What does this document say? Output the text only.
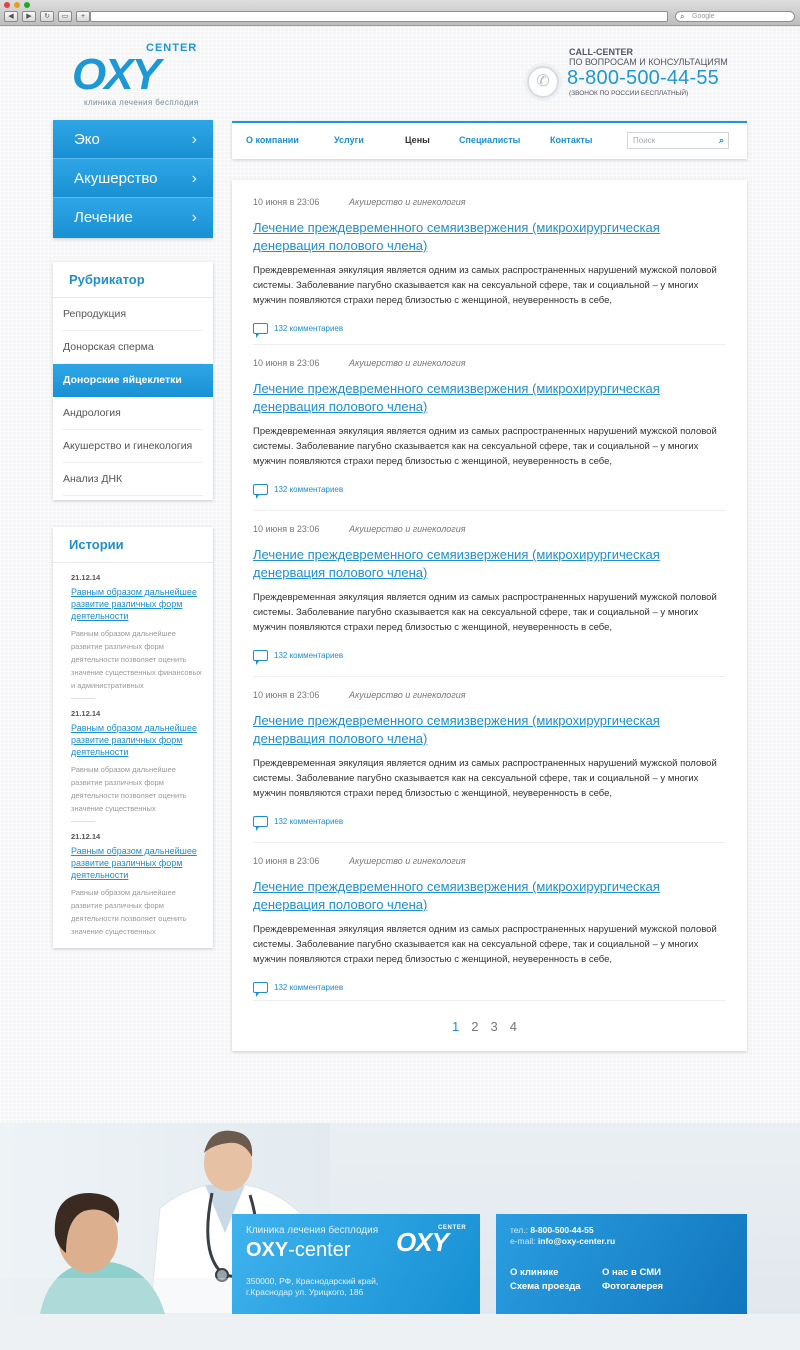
◀	▶	↻	▭	+	⌕ Google
CENTER
OXY
клиника лечения бесплодия
✆
CALL-CENTER
ПО ВОПРОСАМ И КОНСУЛЬТАЦИЯМ
8-800-500-44-55
(ЗВОНОК ПО РОССИИ БЕСПЛАТНЫЙ)
Эко	›
Акушерство ›
Лечение	›
Рубрикатор
Репродукция
Донорская сперма
Донорские яйцеклетки
Андрология
Акушерство и гинекология
Анализ ДНК
Истории
21.12.14
Равным образом дальнейшее развитие различных форм деятельности
Равным образом дальнейшее развитие различных форм деятельности позволяет оценить значение существенных финансовых и административных
21.12.14
Равным образом дальнейшее развитие различных форм деятельности
Равным образом дальнейшее развитие различных форм деятельности позволяет оценить значение существенных
21.12.14
Равным образом дальнейшее развитие различных форм деятельности
Равным образом дальнейшее развитие различных форм деятельности позволяет оценить значение существенных
О компании	Услуги	Цены	Специалисты	Контакты	Поиск	⌕
10 июня в 23:06	Акушерство и гинекология
Лечение преждевременного семяизвержения (микрохирургическая денервация полового члена)
Преждевременная эякуляция является одним из самых распространенных нарушений мужской половой системы. Заболевание пагубно сказывается как на сексуальной сфере, так и социальной – у многих мужчин появляются страхи перед близостью с женщиной, неуверенность в себе,
132 комментариев
10 июня в 23:06	Акушерство и гинекология
Лечение преждевременного семяизвержения (микрохирургическая денервация полового члена)
Преждевременная эякуляция является одним из самых распространенных нарушений мужской половой системы. Заболевание пагубно сказывается как на сексуальной сфере, так и социальной – у многих мужчин появляются страхи перед близостью с женщиной, неуверенность в себе,
132 комментариев
10 июня в 23:06	Акушерство и гинекология
Лечение преждевременного семяизвержения (микрохирургическая денервация полового члена)
Преждевременная эякуляция является одним из самых распространенных нарушений мужской половой системы. Заболевание пагубно сказывается как на сексуальной сфере, так и социальной – у многих мужчин появляются страхи перед близостью с женщиной, неуверенность в себе,
132 комментариев
10 июня в 23:06	Акушерство и гинекология
Лечение преждевременного семяизвержения (микрохирургическая денервация полового члена)
Преждевременная эякуляция является одним из самых распространенных нарушений мужской половой системы. Заболевание пагубно сказывается как на сексуальной сфере, так и социальной – у многих мужчин появляются страхи перед близостью с женщиной, неуверенность в себе,
132 комментариев
10 июня в 23:06	Акушерство и гинекология
Лечение преждевременного семяизвержения (микрохирургическая денервация полового члена)
Преждевременная эякуляция является одним из самых распространенных нарушений мужской половой системы. Заболевание пагубно сказывается как на сексуальной сфере, так и социальной – у многих мужчин появляются страхи перед близостью с женщиной, неуверенность в себе,
132 комментариев
1 2 3 4
Клиника лечения бесплодия
OXY-center
350000, РФ, Краснодарский край,
г.Краснодар ул. Урицкого, 186
CENTER
OXY	тел.: 8-800-500-44-55
e-mail: info@oxy-center.ru
О клинике	О нас в СМИ
Схема проезда Фотогалерея
